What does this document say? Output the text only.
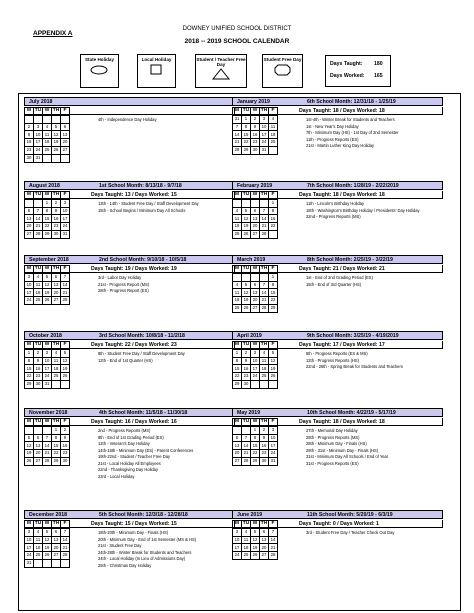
APPENDIX A
DOWNEY UNIFIED SCHOOL DISTRICT
2018 -- 2019 SCHOOL CALENDAR
State Holiday	Local Holiday	Student / Teacher Free Day
Student Free Day
Days Taught: 180
Days Worked: 165
July 2018
M	TU	W	TH	F

2	3	4	5	6
9	10	11	12	13
16	17	18	19	20
23	24	25	26	27
30	31			
4th - Independence Day Holiday
January 2019	6th School Month: 12/31/18 - 1/25/19
Days Taught: 18 / Days Worked: 18
M	TU	W	TH	F
31	1	2	3	4
7	8	9	10	11
14	15	16	17	18
21	22	23	24	25
28	29	30	31	
1st-4th - Winter Break for Students and Teachers
1st - New Year's Day Holiday
7th - Minimum Day (HS) - 1st Day of 2nd Semester
11th - Progress Reports (ES)
21st - Martin Luther King Day Holiday
August 2018	1st School Month: 8/13/18 - 9/7/18
Days Taught: 13 / Days Worked: 15
M	TU	W	TH	F
		1	2	3
6	7	8	9	10
13	14	15	16	17
20	21	22	23	24
27	28	29	30	31
13th - 14th - Student Free Day / Staff Development Day
15th - School Begins / Minimum Day All Schools
February 2019	7th School Month: 1/28/19 - 2/22/2019
Days Taught: 18 / Days Worked: 18
M	TU	W	TH	F
				1
4	5	6	7	8
11	12	13	14	15
18	19	20	21	22
25	26	27	28	
11th - Lincoln's Birthday Holiday
18th - Washington's Birthday Holiday / Presidents' Day Holiday
22nd - Progress Reports (MS)
September 2018	2nd School Month: 9/10/18 - 10/5/18
Days Taught: 19 / Days Worked: 19
M	TU	W	TH	F
3	4	5	6	7
10	11	12	13	14
17	18	19	20	21
24	25	26	27	28
3rd - Labor Day Holiday
21st - Progress Report (MS)
28th - Progress Report (ES)
March 2019	8th School Month: 2/25/19 - 3/22/19
Days Taught: 21 / Days Worked: 21
M	TU	W	TH	F
				1
4	5	6	7	8
11	12	13	14	15
18	19	20	21	22
25	26	27	28	29
1st - End of 2nd Grading Period (ES)
15th - End of 3rd Quarter (HS)
October 2018	3rd School Month: 10/8/18 - 11/2/18
Days Taught: 22 / Days Worked: 23
M	TU	W	TH	F
1	2	3	4	5
8	9	10	11	12
15	16	17	18	19
22	23	24	25	26
29	30	31		
8th - Student Free Day / Staff Development Day
12th - End of 1st Quarter (HS)
April 2019	9th School Month: 3/25/19 - 4/19/2019
Days Taught: 17 / Days Worked: 17
M	TU	W	TH	F
1	2	3	4	5
8	9	10	11	12
15	16	17	18	19
22	23	24	25	26
29	30			
5th - Progress Reports (ES & MS)
12th - Progress Reports (HS)
22nd - 26th - Spring Break for Students and Teachers
November 2018	4th School Month: 11/5/18 - 11/30/18
Days Taught: 16 / Days Worked: 16
M	TU	W	TH	F
			1	2
5	6	7	8	9
12	13	14	15	16
19	20	21	22	23
26	27	28	29	30
2nd - Progress Reports (MS)
9th - End of 1st Grading Period (ES)
12th - Veteran's Day Holiday
14th-16th - Minimum Day (ES) - Parent Conferences
19th-22nd - Student / Teacher Free Day
21st - Local Holiday All Employees
22nd - Thanksgiving Day Holiday
23rd - Local Holiday
May 2019	10th School Month: 4/22/19 - 5/17/19
Days Taught: 18 / Days Worked: 18
M	TU	W	TH	F
		1	2	3
6	7	8	9	10
13	14	15	16	17
20	21	22	23	24
27	28	29	30	31
27th - Memorial Day Holiday
28th - Progress Reports (MS)
28th - Minimum Day - Finals (HS)
29th - 31st - Minimum Day - Finals (HS)
31st - Minimum Day All Schools / End of Year
31st - Progress Reports (ES)
December 2018	5th School Month: 12/3/18 - 12/28/18
Days Taught: 15 / Days Worked: 15
M	TU	W	TH	F
3	4	5	6	7
10	11	12	13	14
17	18	19	20	21
24	25	26	27	28
31				
18th-20th - Minimum Day - Finals (HS)
20th - Minimum Day - End of 1st Semester (MS & HS)
21st - Student Free Day
24th-28th - Winter Break for Students and Teachers
24th - Local Holiday (In Lieu of Admissions Day)
25th - Christmas Day Holiday
June 2019	11th School Month: 5/20/19 - 6/3/19
Days Taught: 0 / Days Worked: 1
M	TU	W	TH	F
3	4	5	6	7
10	11	12	13	14
17	18	19	20	21
24	25	26	27	28
3rd - Student Free Day / Teacher Check Out Day
